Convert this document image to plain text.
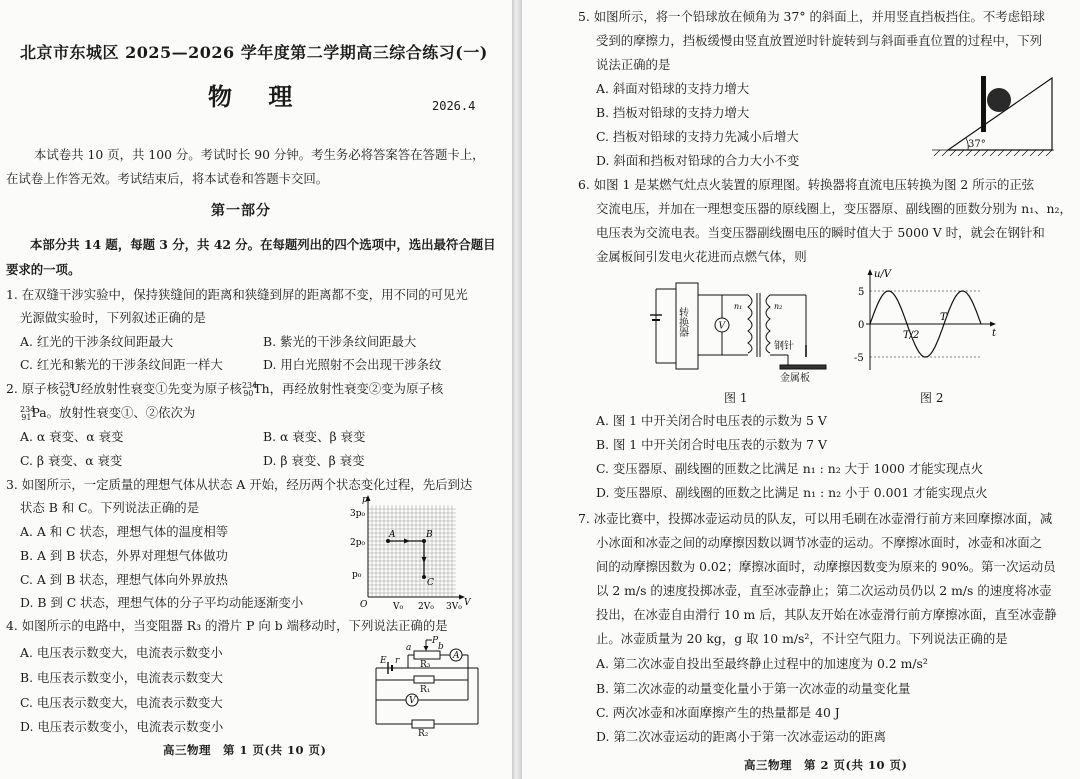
北京市东城区 2025—2026 学年度第二学期高三综合练习(一)
物 理	2026.4
本试卷共 10 页，共 100 分。考试时长 90 分钟。考生务必将答案答在答题卡上，
在试卷上作答无效。考试结束后，将本试卷和答题卡交回。
第一部分
本部分共 14 题，每题 3 分，共 42 分。在每题列出的四个选项中，选出最符合题目
要求的一项。
1. 在双缝干涉实验中，保持狭缝间的距离和狭缝到屏的距离都不变，用不同的可见光
光源做实验时，下列叙述正确的是
A. 红光的干涉条纹间距最大	B. 紫光的干涉条纹间距最大
C. 红光和紫光的干涉条纹间距一样大	D. 用白光照射不会出现干涉条纹
2. 原子核$^{238}_{92}$U经放射性衰变①先变为原子核$^{234}_{90}$Th，再经放射性衰变②变为原子核
$^{234}_{91}$Pa。放射性衰变①、②依次为
A. α 衰变、α 衰变	B. α 衰变、β 衰变
C. β 衰变、α 衰变	D. β 衰变、β 衰变
3. 如图所示，一定质量的理想气体从状态 A 开始，经历两个状态变化过程，先后到达
状态 B 和 C。下列说法正确的是
A. A 和 C 状态，理想气体的温度相等
B. A 到 B 状态，外界对理想气体做功
C. A 到 B 状态，理想气体向外界放热
D. B 到 C 状态，理想气体的分子平均动能逐渐变小
A	B
C
p
V
3p₀
2p₀
p₀
O	V₀ 2V₀ 3V₀
4. 如图所示的电路中，当变阻器 R₃ 的滑片 P 向 b 端移动时，下列说法正确的是
A. 电压表示数变大，电流表示数变小
B. 电压表示数变小，电流表示数变大
C. 电压表示数变大，电流表示数变大
D. 电压表示数变小，电流表示数变小
P
a	b
R₃
A
E r
R₁
V
R₂
高三物理　第 1 页(共 10 页)
5. 如图所示，将一个铅球放在倾角为 37° 的斜面上，并用竖直挡板挡住。不考虑铅球
受到的摩擦力，挡板缓慢由竖直放置逆时针旋转到与斜面垂直位置的过程中，下列
说法正确的是
A. 斜面对铅球的支持力增大
B. 挡板对铅球的支持力增大
C. 挡板对铅球的支持力先减小后增大
D. 斜面和挡板对铅球的合力大小不变
37°
6. 如图 1 是某燃气灶点火装置的原理图。转换器将直流电压转换为图 2 所示的正弦
交流电压，并加在一理想变压器的原线圈上，变压器原、副线圈的匝数分别为 n₁、n₂，
电压表为交流电表。当变压器副线圈电压的瞬时值大于 5000 V 时，就会在钢针和
金属板间引发电火花进而点燃气体，则
转换器	V
n₁	n₂
钢针
金属板
图 1
u/V
t
5
0
-5
T/2
T
图 2
A. 图 1 中开关闭合时电压表的示数为 5 V
B. 图 1 中开关闭合时电压表的示数为 7 V
C. 变压器原、副线圈的匝数之比满足 n₁ : n₂ 大于 1000 才能实现点火
D. 变压器原、副线圈的匝数之比满足 n₁ : n₂ 小于 0.001 才能实现点火
7. 冰壶比赛中，投掷冰壶运动员的队友，可以用毛刷在冰壶滑行前方来回摩擦冰面，减
小冰面和冰壶之间的动摩擦因数以调节冰壶的运动。不摩擦冰面时，冰壶和冰面之
间的动摩擦因数为 0.02；摩擦冰面时，动摩擦因数变为原来的 90%。第一次运动员
以 2 m/s 的速度投掷冰壶，直至冰壶静止；第二次运动员仍以 2 m/s 的速度将冰壶
投出，在冰壶自由滑行 10 m 后，其队友开始在冰壶滑行前方摩擦冰面，直至冰壶静
止。冰壶质量为 20 kg，g 取 10 m/s²，不计空气阻力。下列说法正确的是
A. 第二次冰壶自投出至最终静止过程中的加速度为 0.2 m/s²
B. 第二次冰壶的动量变化量小于第一次冰壶的动量变化量
C. 两次冰壶和冰面摩擦产生的热量都是 40 J
D. 第二次冰壶运动的距离小于第一次冰壶运动的距离
高三物理　第 2 页(共 10 页)
